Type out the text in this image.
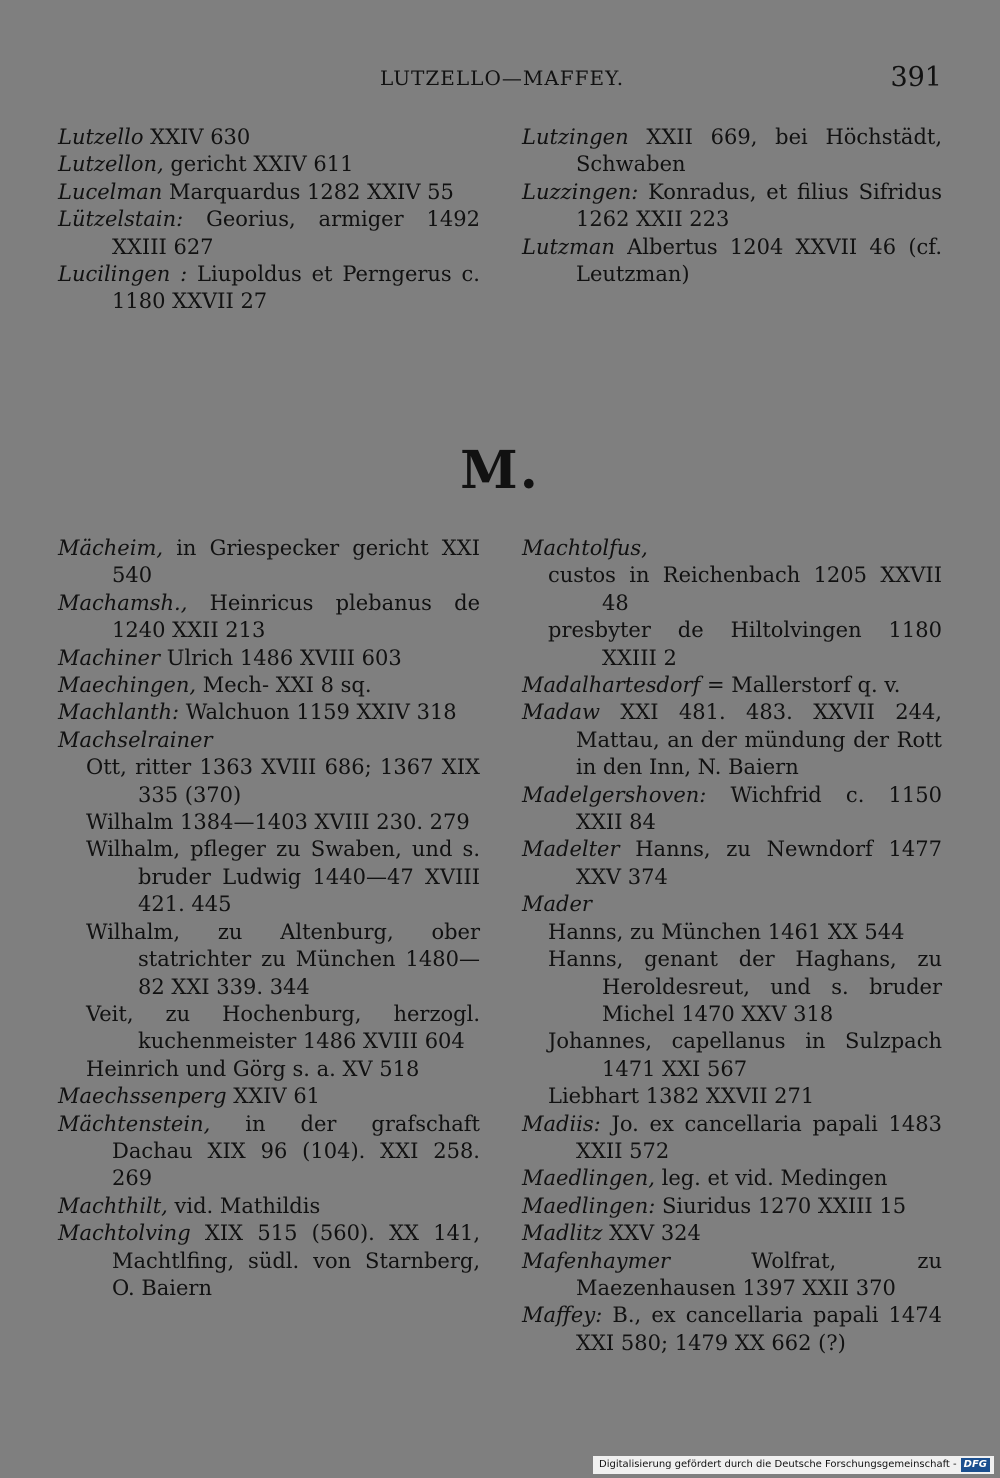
LUTZELLO—MAFFEY.	391
Lutzello XXIV 630
Lutzellon, gericht XXIV 611
Lucelman Marquardus 1282 XXIV 55
Lützelstain: Georius, armiger 1492 XXIII 627
Lucilingen : Liupoldus et Perngerus c. 1180 XXVII 27
Lutzingen XXII 669, bei Höchstädt, Schwaben
Luzzingen: Konradus, et filius Sifridus 1262 XXII 223
Lutzman Albertus 1204 XXVII 46 (cf. Leutzman)
M.
Mächeim, in Griespecker gericht XXI 540
Machamsh., Heinricus plebanus de 1240 XXII 213
Machiner Ulrich 1486 XVIII 603
Maechingen, Mech- XXI 8 sq.
Machlanth: Walchuon 1159 XXIV 318
Machselrainer
Ott, ritter 1363 XVIII 686; 1367 XIX 335 (370)
Wilhalm 1384—1403 XVIII 230. 279
Wilhalm, pfleger zu Swaben, und s. bruder Ludwig 1440—47 XVIII 421. 445
Wilhalm, zu Altenburg, ober statrichter zu München 1480—82 XXI 339. 344
Veit, zu Hochenburg, herzogl. kuchenmeister 1486 XVIII 604
Heinrich und Görg s. a. XV 518
Maechssenperg XXIV 61
Mächtenstein, in der grafschaft Dachau XIX 96 (104). XXI 258. 269
Machthilt, vid. Mathildis
Machtolving XIX 515 (560). XX 141, Machtlfing, südl. von Starnberg, O. Baiern
Machtolfus,
custos in Reichenbach 1205 XXVII 48
presbyter de Hiltolvingen 1180 XXIII 2
Madalhartesdorf = Mallerstorf q. v.
Madaw XXI 481. 483. XXVII 244, Mattau, an der mündung der Rott in den Inn, N. Baiern
Madelgershoven: Wichfrid c. 1150 XXII 84
Madelter Hanns, zu Newndorf 1477 XXV 374
Mader
Hanns, zu München 1461 XX 544
Hanns, genant der Haghans, zu Heroldesreut, und s. bruder Michel 1470 XXV 318
Johannes, capellanus in Sulzpach 1471 XXI 567
Liebhart 1382 XXVII 271
Madiis: Jo. ex cancellaria papali 1483 XXII 572
Maedlingen, leg. et vid. Medingen
Maedlingen: Siuridus 1270 XXIII 15
Madlitz XXV 324
Mafenhaymer Wolfrat, zu Maezenhausen 1397 XXII 370
Maffey: B., ex cancellaria papali 1474 XXI 580; 1479 XX 662 (?)
Digitalisierung gefördert durch die Deutsche Forschungsgemeinschaft - DFG
